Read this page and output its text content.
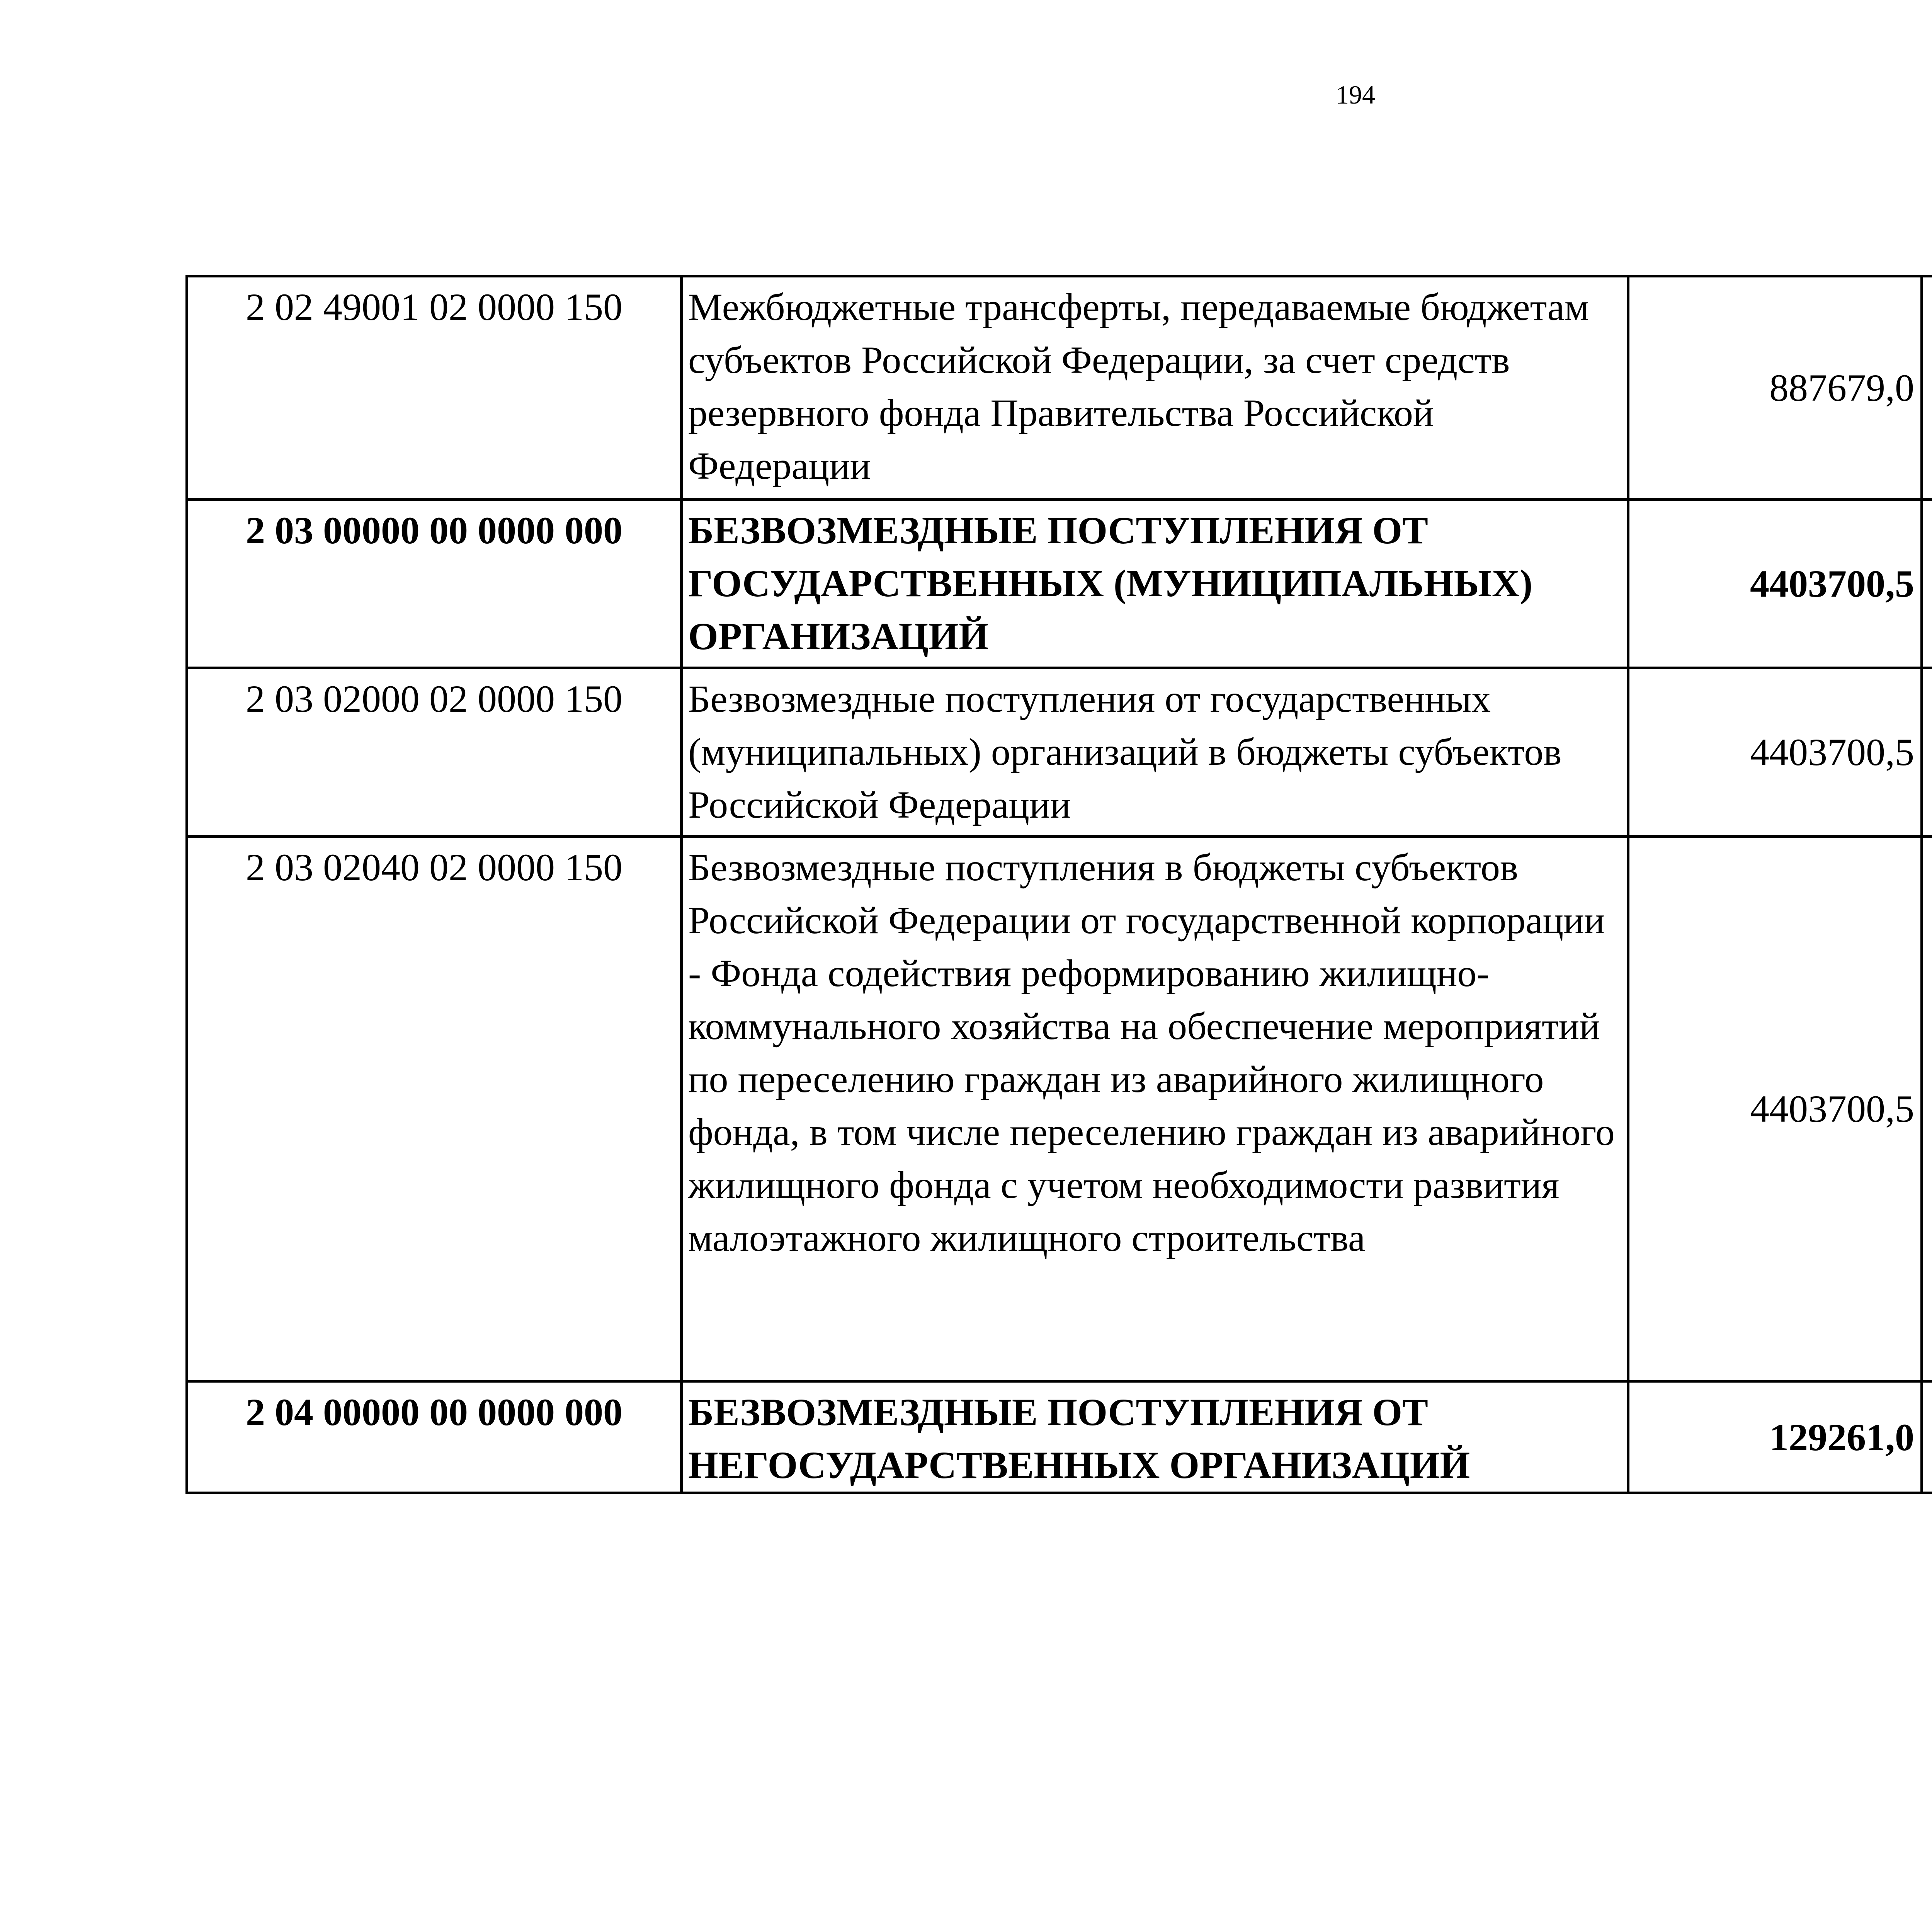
194
2 02 49001 02 0000 150	Межбюджетные трансферты, передаваемые бюджетам субъектов Российской Федерации, за счет средств резервного фонда Правительства Российской Федерации	887679,0		
2 03 00000 00 0000 000	БЕЗВОЗМЕЗДНЫЕ ПОСТУПЛЕНИЯ ОТ ГОСУДАРСТВЕННЫХ (МУНИЦИПАЛЬНЫХ) ОРГАНИЗАЦИЙ	4403700,5		
2 03 02000 02 0000 150	Безвозмездные поступления от государственных (муниципальных) организаций в бюджеты субъектов Российской Федерации	4403700,5		
2 03 02040 02 0000 150	Безвозмездные поступления в бюджеты субъектов Российской Федерации от государственной корпорации - Фонда содействия реформированию жилищно-коммунального хозяйства на обеспечение мероприятий по переселению граждан из аварийного жилищного фонда, в том числе переселению граждан из аварийного жилищного фонда с учетом необходимости развития малоэтажного жилищного строительства	4403700,5		
2 04 00000 00 0000 000	БЕЗВОЗМЕЗДНЫЕ ПОСТУПЛЕНИЯ ОТ НЕГОСУДАРСТВЕННЫХ ОРГАНИЗАЦИЙ	129261,0		
